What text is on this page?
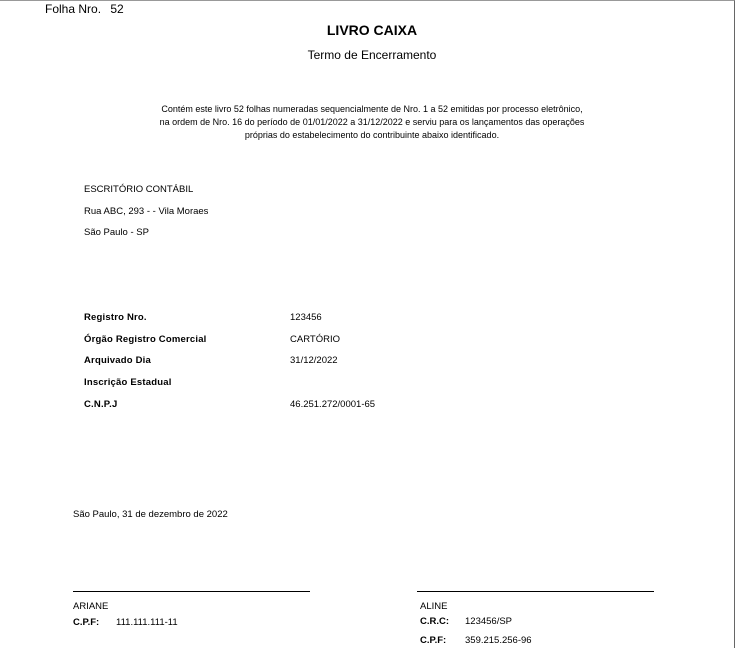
Folha Nro. 52
LIVRO CAIXA
Termo de Encerramento
Contém este livro 52 folhas numeradas sequencialmente de Nro. 1 a 52 emitidas por processo eletrônico,
na ordem de Nro. 16 do período de 01/01/2022 a 31/12/2022 e serviu para os lançamentos das operações
próprias do estabelecimento do contribuinte abaixo identificado.
ESCRITÓRIO CONTÁBIL
Rua ABC, 293 - - Vila Moraes
São Paulo - SP
Registro Nro.	123456
Órgão Registro Comercial	CARTÓRIO
Arquivado Dia	31/12/2022
Inscrição Estadual
C.N.P.J	46.251.272/0001-65
São Paulo, 31 de dezembro de 2022
ARIANE
C.P.F: 111.111.111-11
ALINE
C.R.C: 123456/SP
C.P.F: 359.215.256-96
